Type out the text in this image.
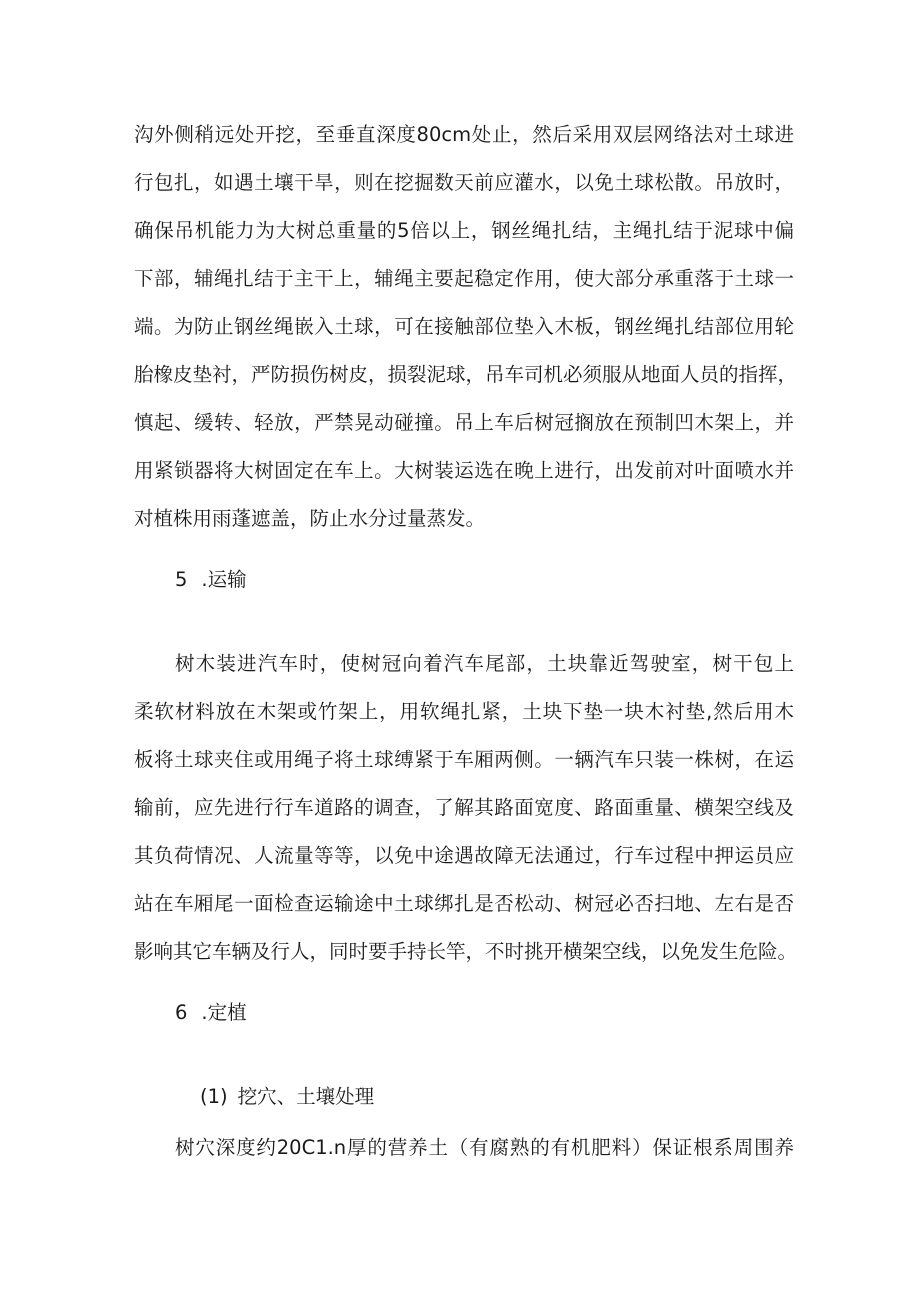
沟外侧稍远处开挖，至垂直深度80cm处止，然后采用双层网络法对土球进
行包扎，如遇土壤干旱，则在挖掘数天前应灌水，以免土球松散。吊放时，
确保吊机能力为大树总重量的5倍以上，钢丝绳扎结，主绳扎结于泥球中偏
下部，辅绳扎结于主干上，辅绳主要起稳定作用，使大部分承重落于土球一
端。为防止钢丝绳嵌入土球，可在接触部位垫入木板，钢丝绳扎结部位用轮
胎橡皮垫衬，严防损伤树皮，损裂泥球，吊车司机必须服从地面人员的指挥，
慎起、缓转、轻放，严禁晃动碰撞。吊上车后树冠搁放在预制凹木架上，并
用紧锁器将大树固定在车上。大树装运选在晚上进行，出发前对叶面喷水并
对植株用雨蓬遮盖，防止水分过量蒸发。
5 .运输
树木装进汽车时，使树冠向着汽车尾部，土块靠近驾驶室，树干包上
柔软材料放在木架或竹架上，用软绳扎紧，土块下垫一块木衬垫,然后用木
板将土球夹住或用绳子将土球缚紧于车厢两侧。一辆汽车只装一株树，在运
输前，应先进行行车道路的调查，了解其路面宽度、路面重量、横架空线及
其负荷情况、人流量等等，以免中途遇故障无法通过，行车过程中押运员应
站在车厢尾一面检查运输途中土球绑扎是否松动、树冠必否扫地、左右是否
影响其它车辆及行人，同时要手持长竿，不时挑开横架空线，以免发生危险。
6 .定植
(1) 挖穴、土壤处理
树穴深度约20C1.n厚的营养土（有腐熟的有机肥料）保证根系周围养
